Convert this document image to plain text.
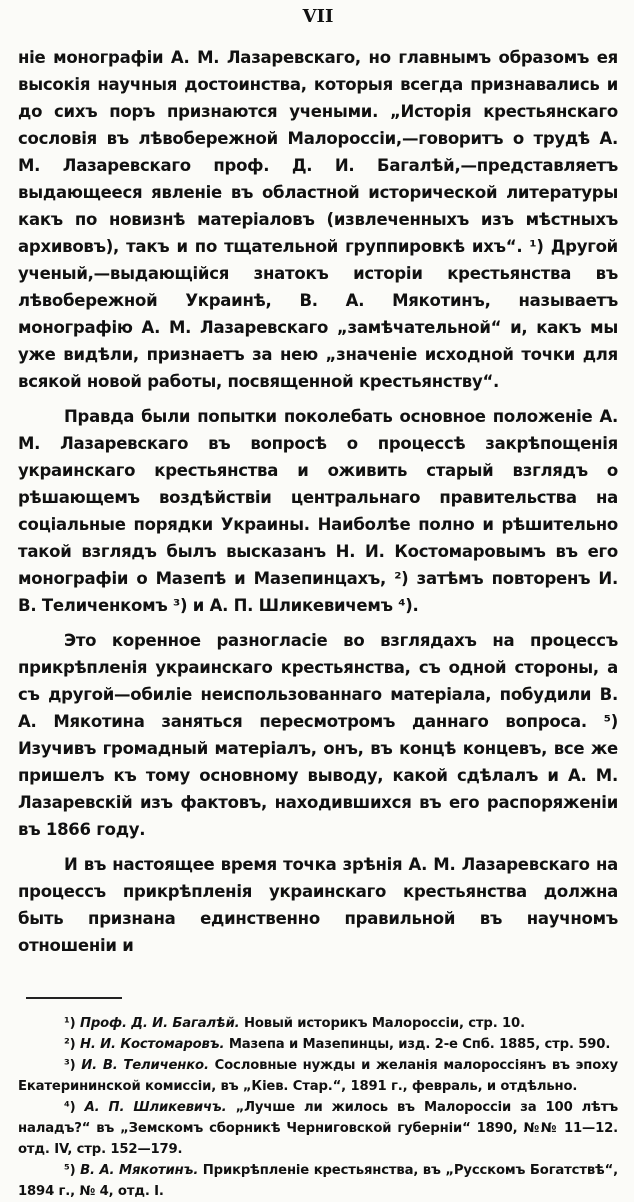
VII

ніе монографіи А. М. Лазаревскаго, но главнымъ образомъ ея высокія научныя достоинства, которыя всегда признавались и до сихъ поръ признаются учеными. „Исторія крестьянскаго сословія въ лѣвобережной Малороссіи,—говоритъ о трудѣ А. М. Лазаревскаго проф. Д. И. Багалѣй,—представляетъ выдающееся явленіе въ областной исторической литературы какъ по новизнѣ матеріаловъ (извлеченныхъ изъ мѣстныхъ архивовъ), такъ и по тщательной группировкѣ ихъ“. ¹) Другой ученый,—выдающійся знатокъ исторіи крестьянства въ лѣвобережной Украинѣ, В. А. Мякотинъ, называетъ монографію А. М. Лазаревскаго „замѣчательной“ и, какъ мы уже видѣли, признаетъ за нею „значеніе исходной точки для всякой новой работы, посвященной крестьянству“.

Правда были попытки поколебать основное положеніе А. М. Лазаревскаго въ вопросѣ о процессѣ закрѣпощенія украинскаго крестьянства и оживить старый взглядъ о рѣшающемъ воздѣйствіи центральнаго правительства на соціальные порядки Украины. Наиболѣе полно и рѣшительно такой взглядъ былъ высказанъ Н. И. Костомаровымъ въ его монографіи о Мазепѣ и Мазепинцахъ, ²) затѣмъ повторенъ И. В. Теличенкомъ ³) и А. П. Шликевичемъ ⁴).

Это коренное разногласіе во взглядахъ на процессъ прикрѣпленія украинскаго крестьянства, съ одной стороны, а съ другой—обиліе неиспользованнаго матеріала, побудили В. А. Мякотина заняться пересмотромъ даннаго вопроса. ⁵) Изучивъ громадный матеріалъ, онъ, въ концѣ концевъ, все же пришелъ къ тому основному выводу, какой сдѣлалъ и А. М. Лазаревскій изъ фактовъ, находившихся въ его распоряженіи въ 1866 году.

И въ настоящее время точка зрѣнія А. М. Лазаревскаго на процессъ прикрѣпленія украинскаго крестьянства должна быть признана единственно правильной въ научномъ отношеніи и

¹) Проф. Д. И. Багалѣй. Новый историкъ Малороссіи, стр. 10.

²) Н. И. Костомаровъ. Мазепа и Мазепинцы, изд. 2-е Спб. 1885, стр. 590.

³) И. В. Теличенко. Сословные нужды и желанія малороссіянъ въ эпоху Екатерининской комиссіи, въ „Кіев. Стар.“, 1891 г., февраль, и отдѣльно.

⁴) А. П. Шликевичъ. „Лучше ли жилось въ Малороссіи за 100 лѣтъ наладъ?“ въ „Земскомъ сборникѣ Черниговской губерніи“ 1890, №№ 11—12. отд. IV, стр. 152—179.

⁵) В. А. Мякотинъ. Прикрѣпленіе крестьянства, въ „Русскомъ Богатствѣ“, 1894 г., № 4, отд. I.
